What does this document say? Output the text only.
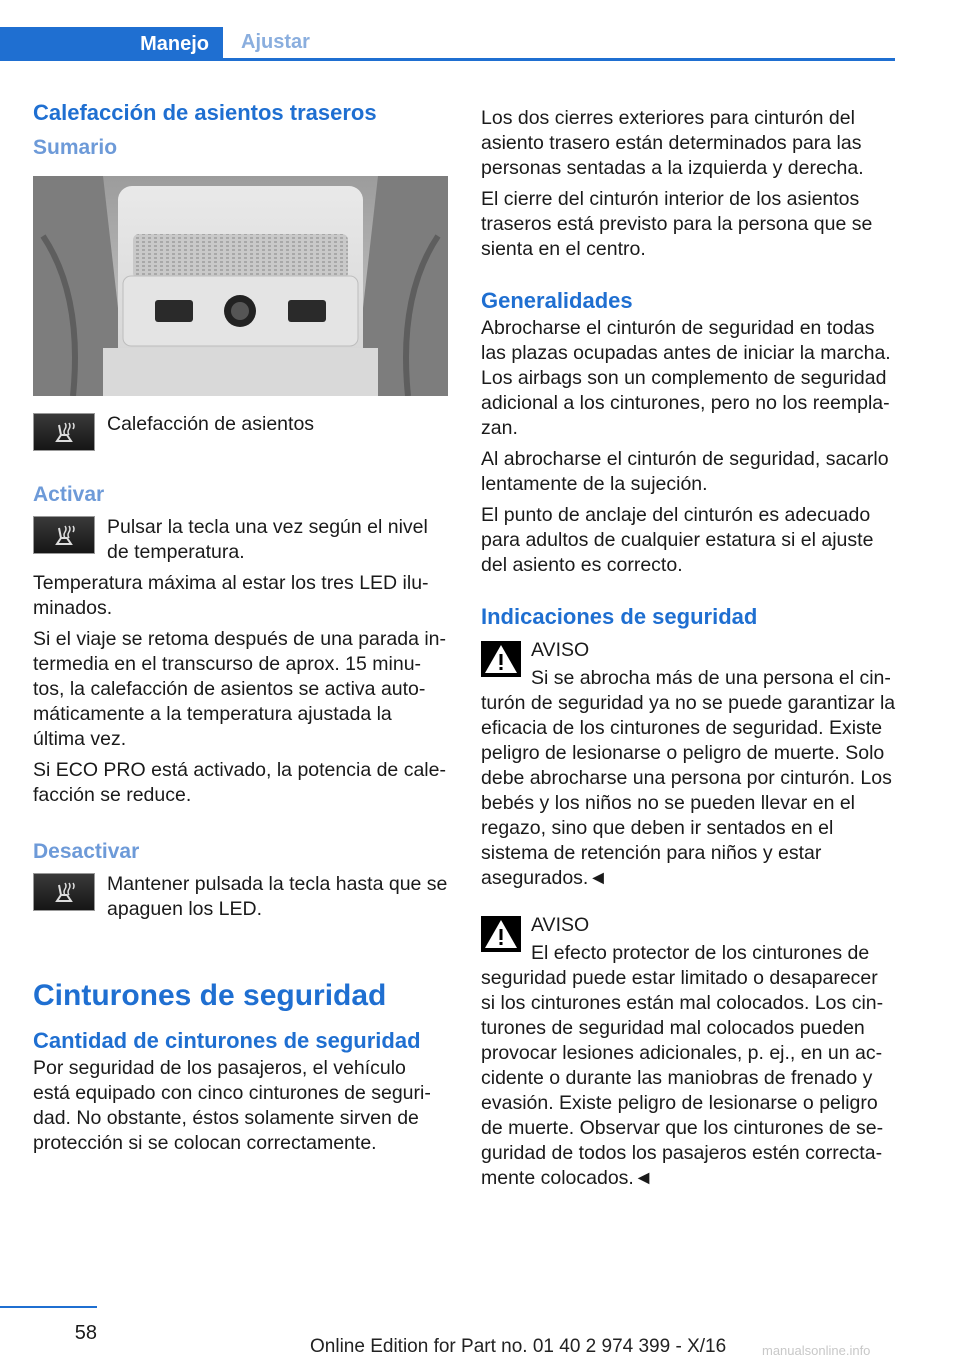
Manejo	Ajustar
Calefacción de asientos traseros
Sumario

Calefacción de asientos

Activar

Pulsar la tecla una vez según el nivel de temperatura.

Temperatura máxima al estar los tres LED ilu-minados.

Si el viaje se retoma después de una parada in-termedia en el transcurso de aprox. 15 minu-tos, la calefacción de asientos se activa auto-máticamente a la temperatura ajustada la última vez.

Si ECO PRO está activado, la potencia de cale-facción se reduce.

Desactivar

Mantener pulsada la tecla hasta que se apaguen los LED.

Cinturones de seguridad
Cantidad de cinturones de seguridad

Por seguridad de los pasajeros, el vehículo está equipado con cinco cinturones de seguri-dad. No obstante, éstos solamente sirven de protección si se colocan correctamente.

Los dos cierres exteriores para cinturón del asiento trasero están determinados para las personas sentadas a la izquierda y derecha.

El cierre del cinturón interior de los asientos traseros está previsto para la persona que se sienta en el centro.

Generalidades

Abrocharse el cinturón de seguridad en todas las plazas ocupadas antes de iniciar la marcha. Los airbags son un complemento de seguridad adicional a los cinturones, pero no los reempla-zan.

Al abrocharse el cinturón de seguridad, sacarlo lentamente de la sujeción.

El punto de anclaje del cinturón es adecuado para adultos de cualquier estatura si el ajuste del asiento es correcto.

Indicaciones de seguridad

AVISO

Si se abrocha más de una persona el cin-turón de seguridad ya no se puede garantizar la eficacia de los cinturones de seguridad. Existe peligro de lesionarse o peligro de muerte. Solo debe abrocharse una persona por cinturón. Los bebés y los niños no se pueden llevar en el regazo, sino que deben ir sentados en el sistema de retención para niños y estar asegurados.◄

AVISO

El efecto protector de los cinturones de seguridad puede estar limitado o desaparecer si los cinturones están mal colocados. Los cin-turones de seguridad mal colocados pueden provocar lesiones adicionales, p. ej., en un ac-cidente o durante las maniobras de frenado y evasión. Existe peligro de lesionarse o peligro de muerte. Observar que los cinturones de se-guridad de todos los pasajeros estén correcta-mente colocados.◄

58
Online Edition for Part no. 01 40 2 974 399 - X/16	manualsonline.info
